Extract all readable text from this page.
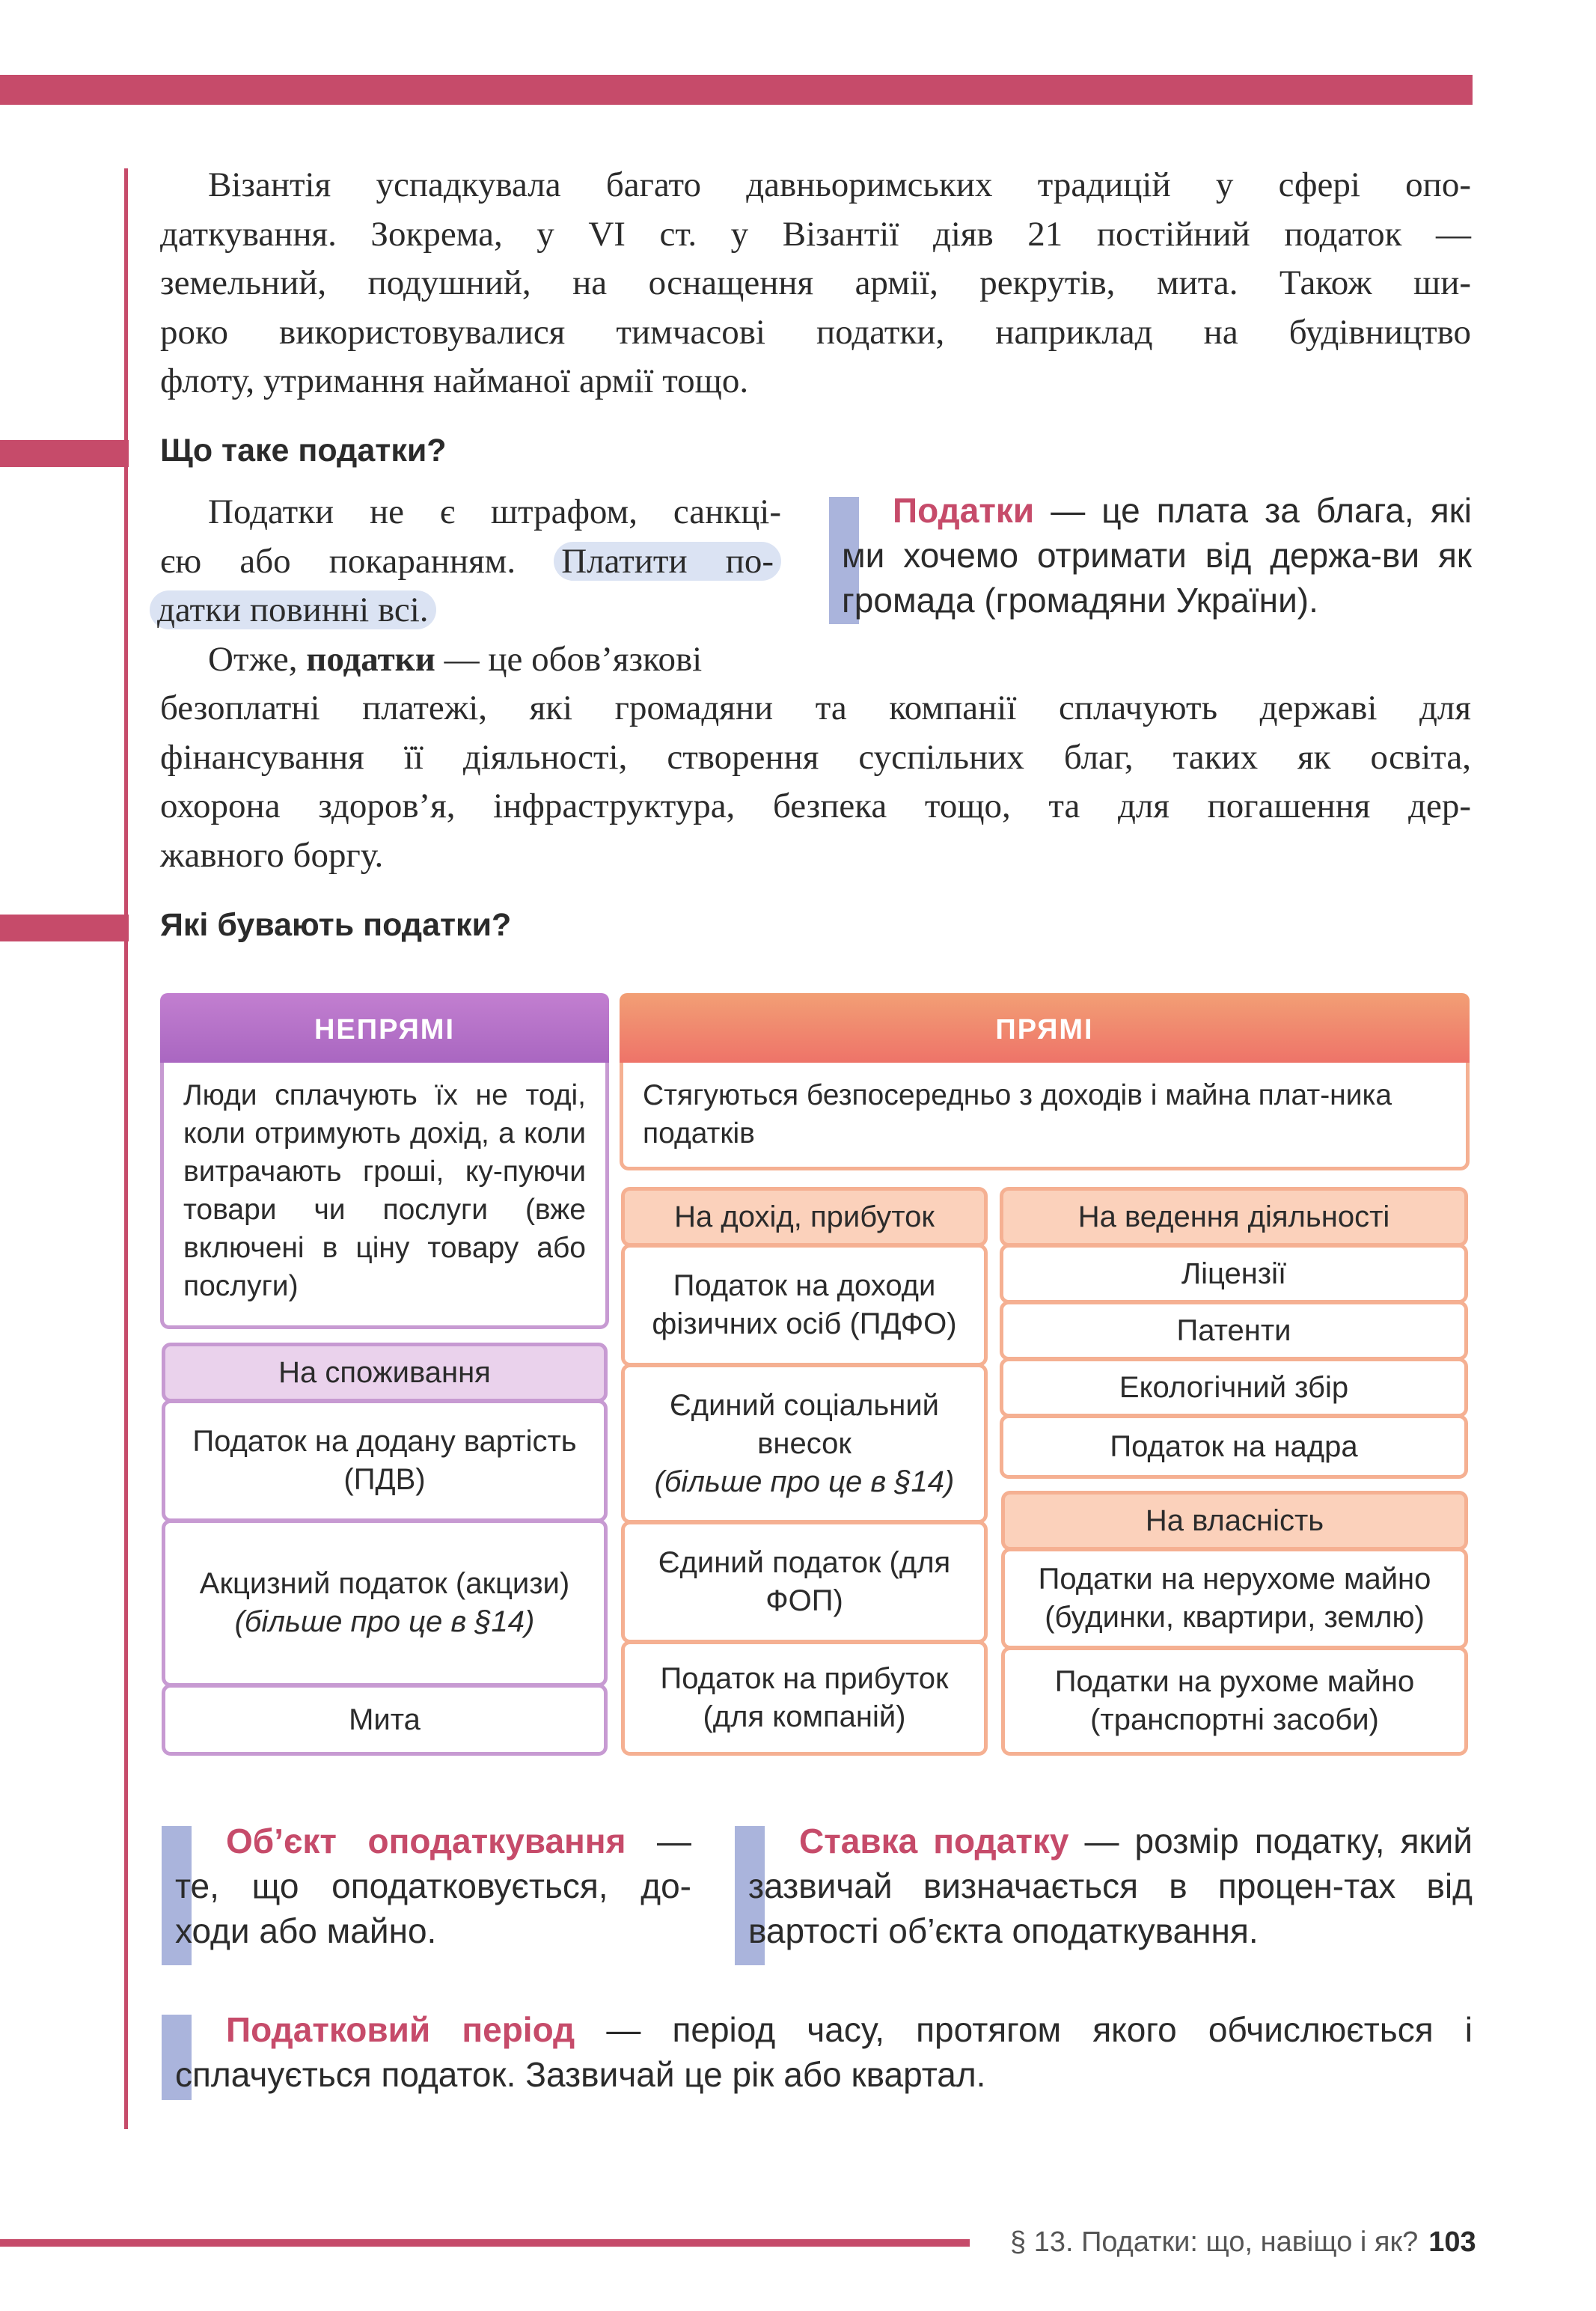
Візантія успадкувала багато давньоримських традицій у сфері опо-
даткування. Зокрема, у VI ст. у Візантії діяв 21 постійний податок —
земельний, подушний, на оснащення армії, рекрутів, мита. Також ши-
роко використовувалися тимчасові податки, наприклад на будівництво
флоту, утримання найманої армії тощо.
Що таке податки?
Податки не є штрафом, санкці-
єю або покаранням. Платити по-
датки повинні всі.
Отже, податки — це обов’язкові
Податки — це плата за блага, які ми хочемо отримати від держа-ви як громада (громадяни України).
безоплатні платежі, які громадяни та компанії сплачують державі для
фінансування її діяльності, створення суспільних благ, таких як освіта,
охорона здоров’я, інфраструктура, безпека тощо, та для погашення дер-
жавного боргу.
Які бувають податки?
НЕПРЯМІ
Люди сплачують їх не тоді, коли отримують дохід, а коли витрачають гроші, ку-пуючи товари чи послуги (вже включені в ціну товару або послуги)
На споживання
Податок на додану вартість (ПДВ)
Акцизний податок (акцизи)
(більше про це в §14)
Мита
ПРЯМІ
Стягуються безпосередньо з доходів і майна плат-ника податків
На дохід, прибуток
Податок на доходи фізичних осіб (ПДФО)
Єдиний соціальний внесок
(більше про це в §14)
Єдиний податок (для ФОП)
Податок на прибуток (для компаній)
На ведення діяльності
Ліцензії
Патенти
Екологічний збір
Податок на надра
На власність
Податки на нерухоме майно (будинки, квартири, землю)
Податки на рухоме майно (транспортні засоби)
Об’єкт оподаткування — те, що оподатковується, до-ходи або майно.
Ставка податку — розмір податку, який зазвичай визначається в процен-тах від вартості об’єкта оподаткування.
Податковий період — період часу, протягом якого обчислюється і сплачується податок. Зазвичай це рік або квартал.
§ 13. Податки: що, навіщо і як? 103
